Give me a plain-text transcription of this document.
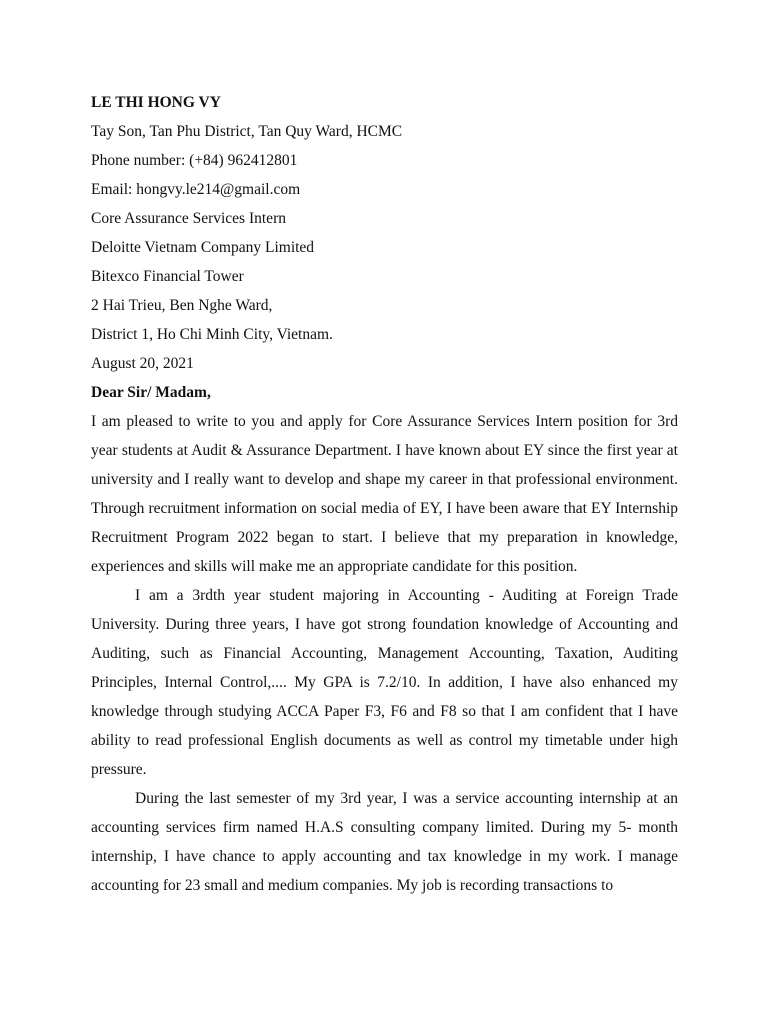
LE THI HONG VY
Tay Son, Tan Phu District, Tan Quy Ward, HCMC
Phone number: (+84) 962412801
Email: hongvy.le214@gmail.com
Core Assurance Services Intern
Deloitte Vietnam Company Limited
Bitexco Financial Tower
2 Hai Trieu, Ben Nghe Ward,
District 1, Ho Chi Minh City, Vietnam.
August 20, 2021
Dear Sir/ Madam,

I am pleased to write to you and apply for Core Assurance Services Intern position for 3rd year students at Audit & Assurance Department. I have known about EY since the first year at university and I really want to develop and shape my career in that professional environment. Through recruitment information on social media of EY, I have been aware that EY Internship Recruitment Program 2022 began to start. I believe that my preparation in knowledge, experiences and skills will make me an appropriate candidate for this position.

I am a 3rdth year student majoring in Accounting - Auditing at Foreign Trade University. During three years, I have got strong foundation knowledge of Accounting and Auditing, such as Financial Accounting, Management Accounting, Taxation, Auditing Principles, Internal Control,.... My GPA is 7.2/10. In addition, I have also enhanced my knowledge through studying ACCA Paper F3, F6 and F8 so that I am confident that I have ability to read professional English documents as well as control my timetable under high pressure.

During the last semester of my 3rd year, I was a service accounting internship at an accounting services firm named H.A.S consulting company limited. During my 5- month internship, I have chance to apply accounting and tax knowledge in my work. I manage accounting for 23 small and medium companies. My job is recording transactions to
